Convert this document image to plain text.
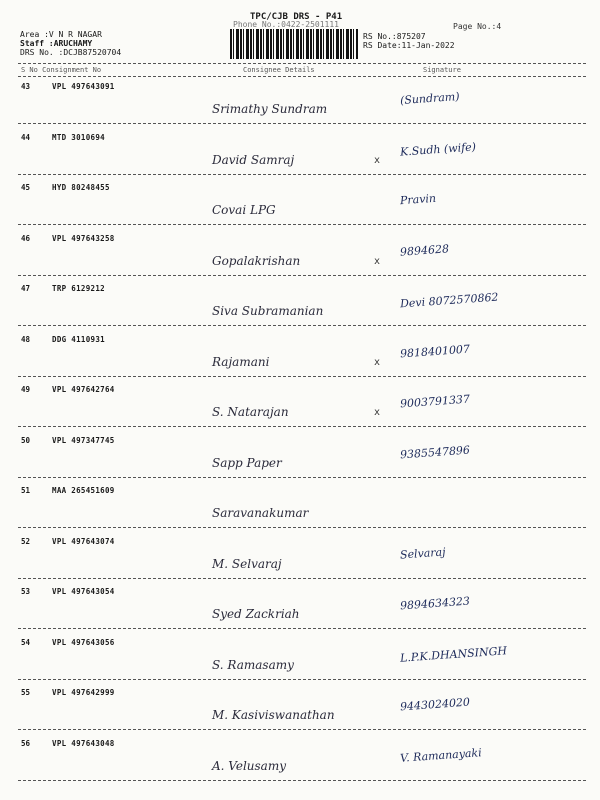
TPC/CJB DRS - P41
Phone No.:0422-2501111	Page No.:4
Area :V N R NAGAR
Staff :ARUCHAMY
DRS No. :DCJB87520704
RS No.:875207
RS Date:11-Jan-2022
S No Consignment No	Consignee Details	Signature
43	VPL 497643091
Srimathy Sundram
(Sundram)
44	MTD 3010694
David Samraj	x
K.Sudh (wife)
45	HYD 80248455
Covai LPG
Pravin
46	VPL 497643258
Gopalakrishan	x
9894628
47	TRP 6129212
Siva Subramanian
Devi 8072570862
48	DDG 4110931
Rajamani	x
9818401007
49	VPL 497642764
S. Natarajan	x
9003791337
50	VPL 497347745
Sapp Paper
9385547896
51	MAA 265451609
Saravanakumar
52	VPL 497643074
M. Selvaraj
Selvaraj
53	VPL 497643054
Syed Zackriah
9894634323
54	VPL 497643056
S. Ramasamy
L.P.K.DHANSINGH
55	VPL 497642999
M. Kasiviswanathan
9443024020
56	VPL 497643048
A. Velusamy
V. Ramanayaki
